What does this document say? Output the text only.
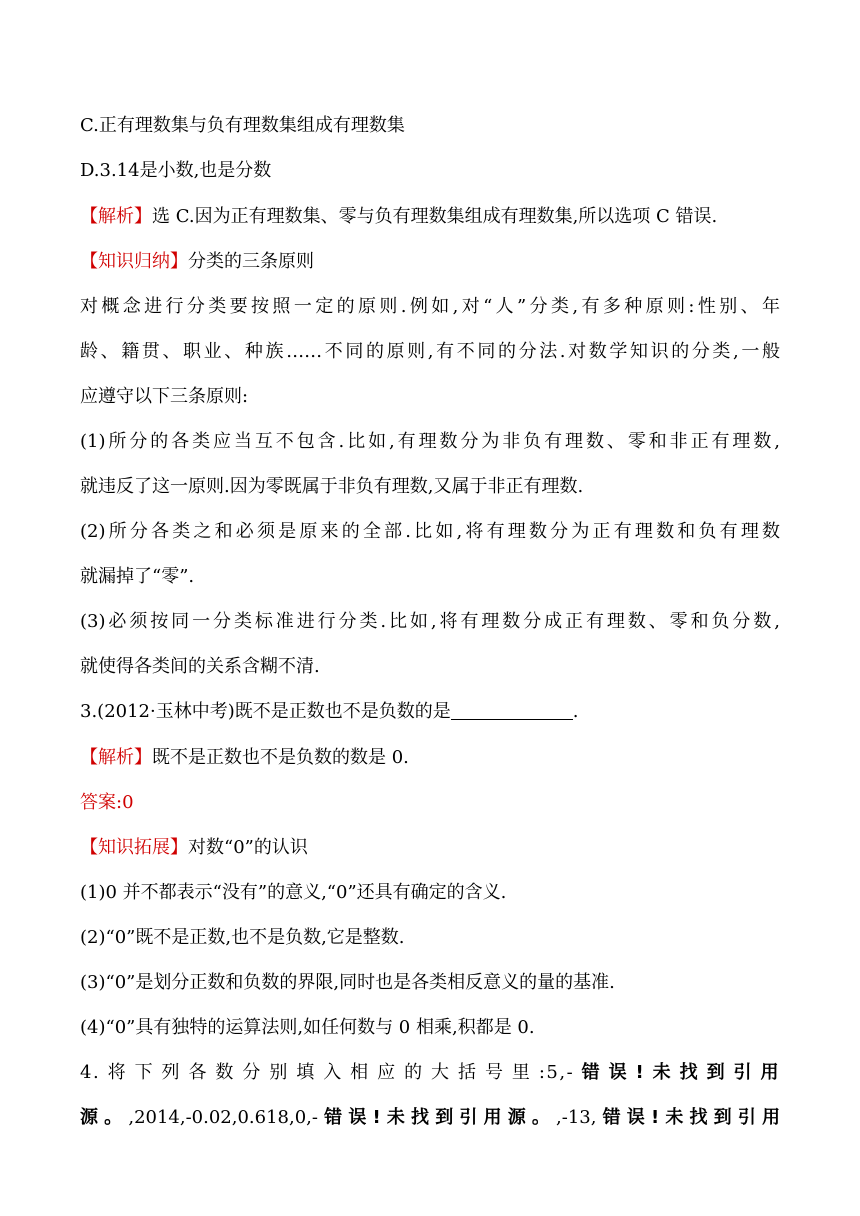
C.正有理数集与负有理数集组成有理数集
D.3.14是小数,也是分数
【解析】选 C.因为正有理数集、零与负有理数集组成有理数集,所以选项 C 错误.
【知识归纳】分类的三条原则
对概念进行分类要按照一定的原则.例如,对“人”分类,有多种原则:性别、年
龄、籍贯、职业、种族……不同的原则,有不同的分法.对数学知识的分类,一般
应遵守以下三条原则:
(1)所分的各类应当互不包含.比如,有理数分为非负有理数、零和非正有理数,
就违反了这一原则.因为零既属于非负有理数,又属于非正有理数.
(2)所分各类之和必须是原来的全部.比如,将有理数分为正有理数和负有理数
就漏掉了“零”.
(3)必须按同一分类标准进行分类.比如,将有理数分成正有理数、零和负分数,
就使得各类间的关系含糊不清.
3.(2012·玉林中考)既不是正数也不是负数的是	.
【解析】既不是正数也不是负数的数是 0.
答案:0
【知识拓展】对数“0”的认识
(1)0 并不都表示“没有”的意义,“0”还具有确定的含义.
(2)“0”既不是正数,也不是负数,它是整数.
(3)“0”是划分正数和负数的界限,同时也是各类相反意义的量的基准.
(4)“0”具有独特的运算法则,如任何数与 0 相乘,积都是 0.
4.将下列各数分别填入相应的大括号里:5,-错误!未找到引用
源。,2014,-0.02,0.618,0,-错误!未找到引用源。,-13,错误!未找到引用
